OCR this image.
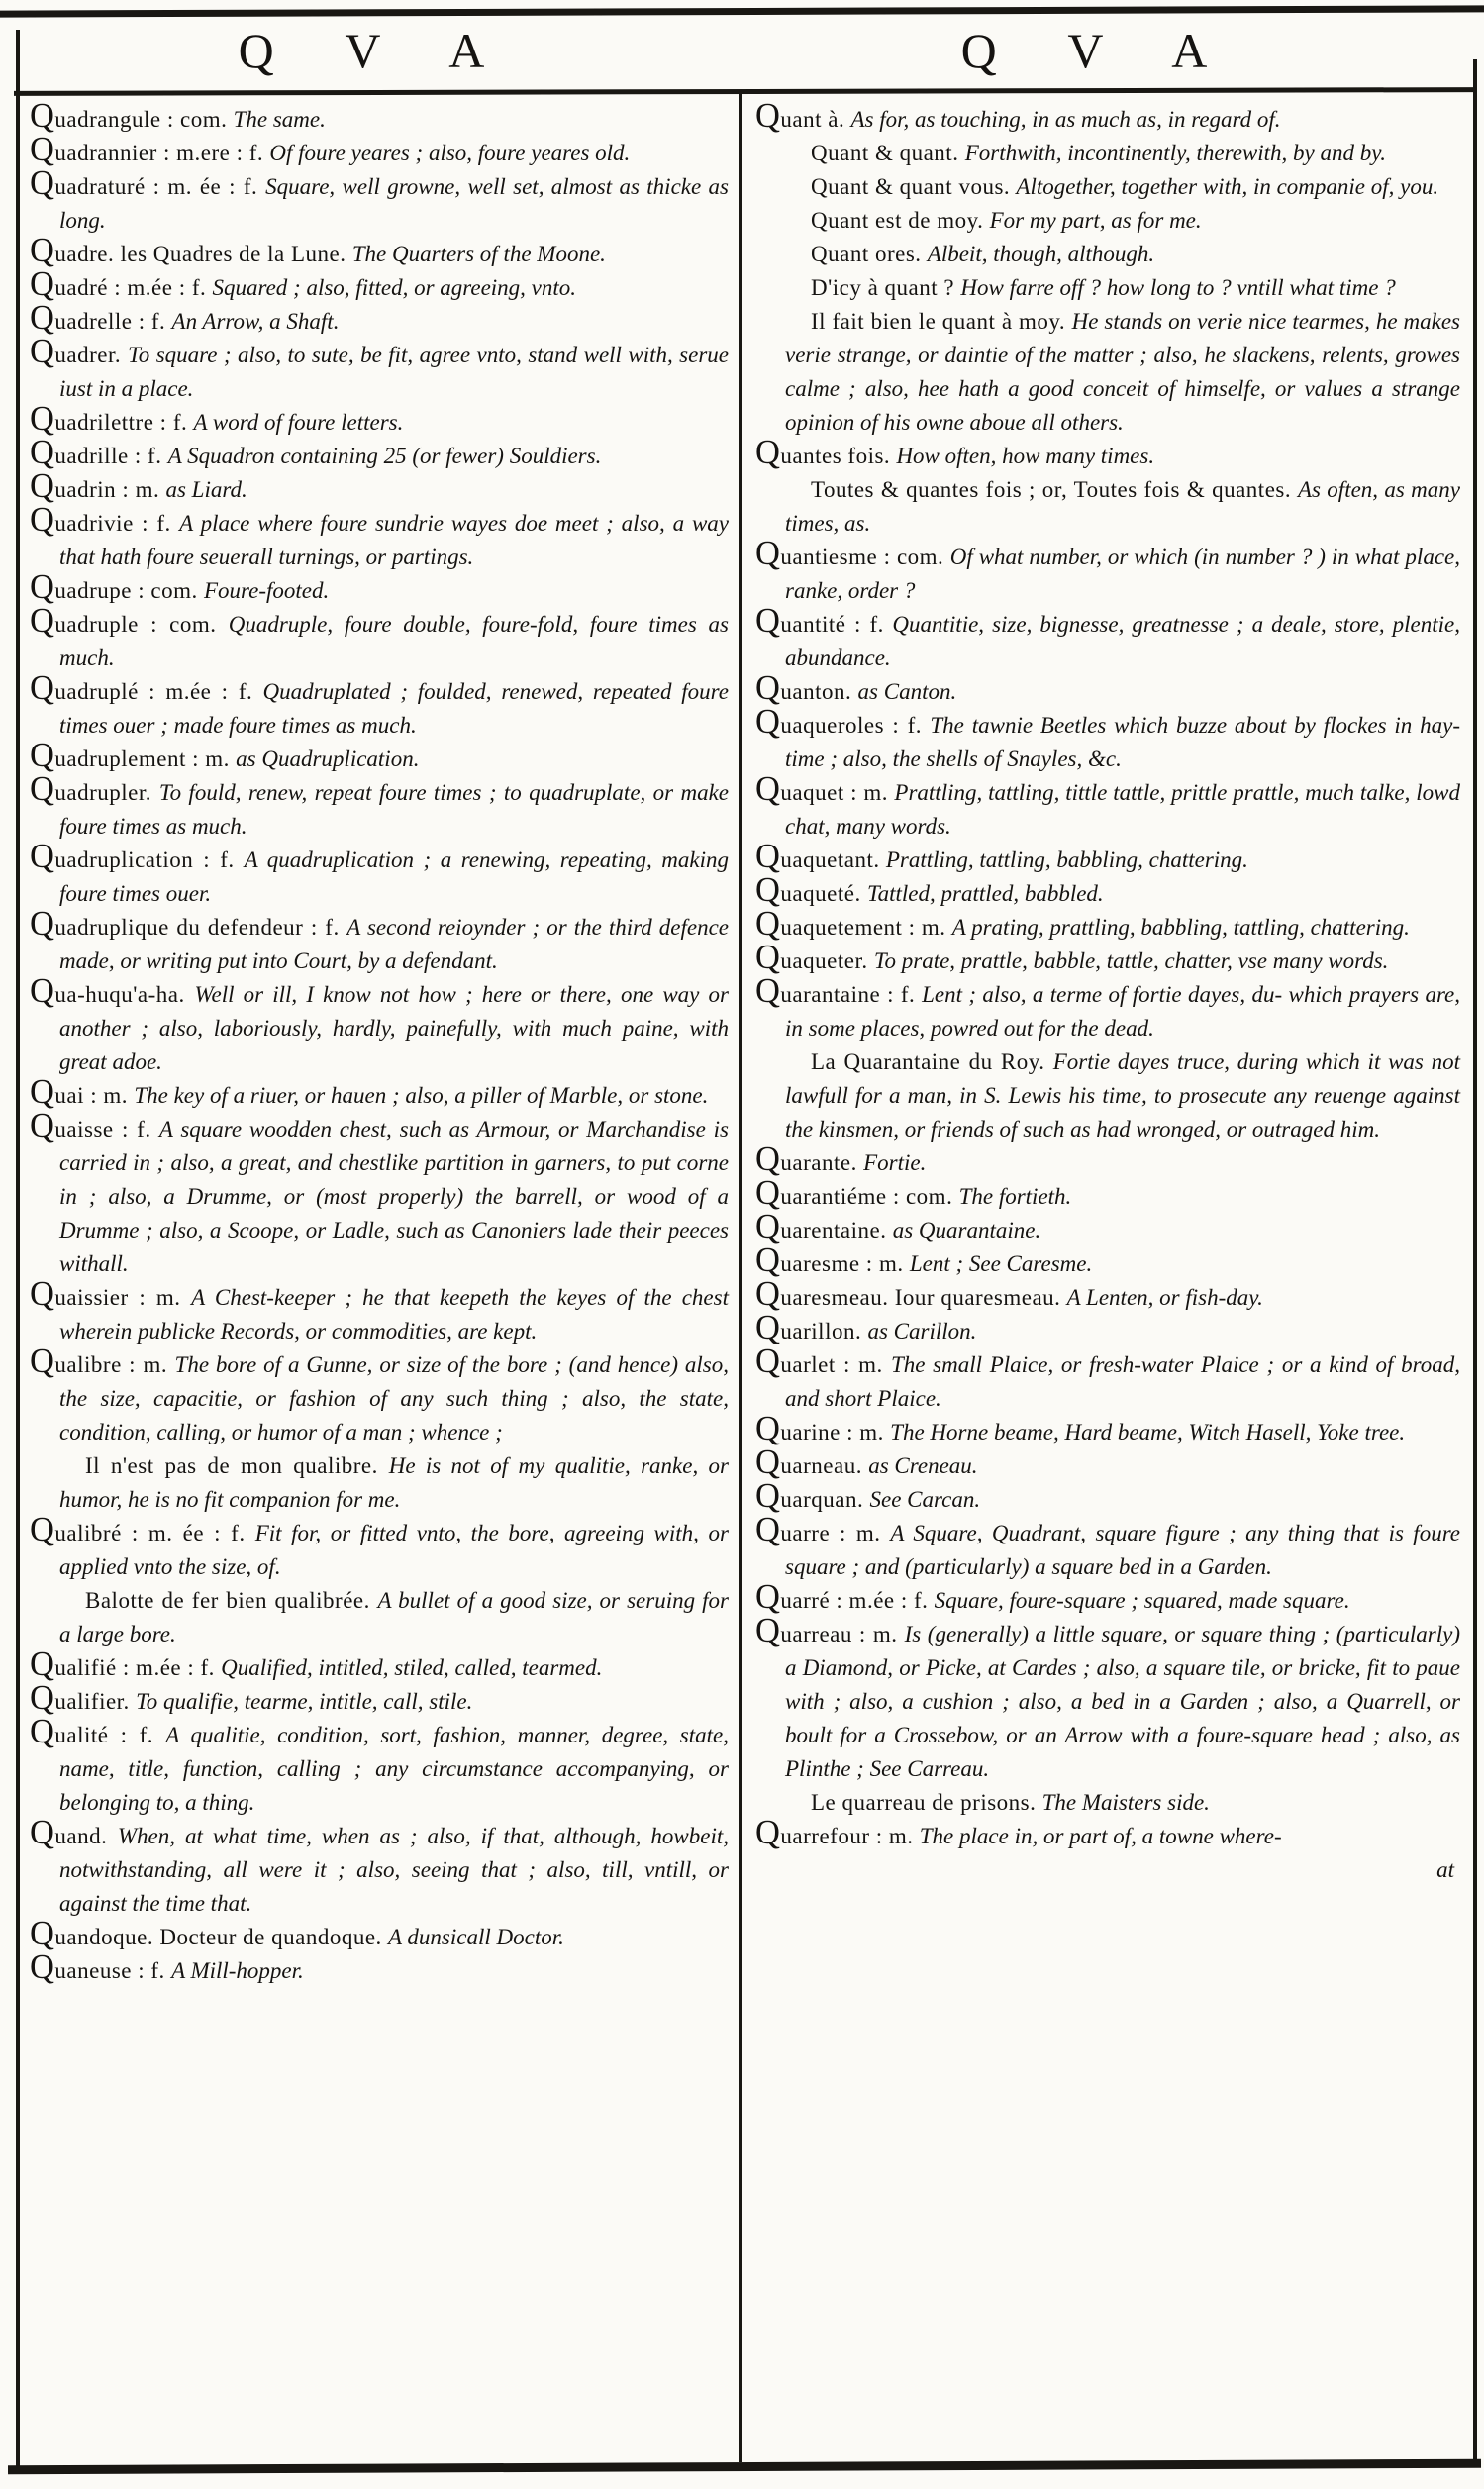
Q V A	Q V A

Quadrangule : com. The same.

Quadrannier : m.ere : f. Of foure yeares ; also, foure yeares old.

Quadraturé : m. ée : f. Square, well growne, well set, almost as thicke as long.

Quadre. les Quadres de la Lune. The Quarters of the Moone.

Quadré : m.ée : f. Squared ; also, fitted, or agreeing, vnto.

Quadrelle : f. An Arrow, a Shaft.

Quadrer. To square ; also, to sute, be fit, agree vnto, stand well with, serue iust in a place.

Quadrilettre : f. A word of foure letters.

Quadrille : f. A Squadron containing 25 (or fewer) Souldiers.

Quadrin : m. as Liard.

Quadrivie : f. A place where foure sundrie wayes doe meet ; also, a way that hath foure seuerall turnings, or partings.

Quadrupe : com. Foure-footed.

Quadruple : com. Quadruple, foure double, foure-fold, foure times as much.

Quadruplé : m.ée : f. Quadruplated ; foulded, renewed, repeated foure times ouer ; made foure times as much.

Quadruplement : m. as Quadruplication.

Quadrupler. To fould, renew, repeat foure times ; to quadruplate, or make foure times as much.

Quadruplication : f. A quadruplication ; a renewing, repeating, making foure times ouer.

Quadruplique du defendeur : f. A second reioynder ; or the third defence made, or writing put into Court, by a defendant.

Qua-huqu'a-ha. Well or ill, I know not how ; here or there, one way or another ; also, laboriously, hardly, painefully, with much paine, with great adoe.

Quai : m. The key of a riuer, or hauen ; also, a piller of Marble, or stone.

Quaisse : f. A square woodden chest, such as Armour, or Marchandise is carried in ; also, a great, and chestlike partition in garners, to put corne in ; also, a Drumme, or (most properly) the barrell, or wood of a Drumme ; also, a Scoope, or Ladle, such as Canoniers lade their peeces withall.

Quaissier : m. A Chest-keeper ; he that keepeth the keyes of the chest wherein publicke Records, or commodities, are kept.

Qualibre : m. The bore of a Gunne, or size of the bore ; (and hence) also, the size, capacitie, or fashion of any such thing ; also, the state, condition, calling, or humor of a man ; whence ;

Il n'est pas de mon qualibre. He is not of my qualitie, ranke, or humor, he is no fit companion for me.

Qualibré : m. ée : f. Fit for, or fitted vnto, the bore, agreeing with, or applied vnto the size, of.

Balotte de fer bien qualibrée. A bullet of a good size, or seruing for a large bore.

Qualifié : m.ée : f. Qualified, intitled, stiled, called, tearmed.

Qualifier. To qualifie, tearme, intitle, call, stile.

Qualité : f. A qualitie, condition, sort, fashion, manner, degree, state, name, title, function, calling ; any circumstance accompanying, or belonging to, a thing.

Quand. When, at what time, when as ; also, if that, although, howbeit, notwithstanding, all were it ; also, seeing that ; also, till, vntill, or against the time that.

Quandoque. Docteur de quandoque. A dunsicall Doctor.

Quaneuse : f. A Mill-hopper.

Quant à. As for, as touching, in as much as, in regard of.

Quant & quant. Forthwith, incontinently, therewith, by and by.

Quant & quant vous. Altogether, together with, in companie of, you.

Quant est de moy. For my part, as for me.

Quant ores. Albeit, though, although.

D'icy à quant ? How farre off ? how long to ? vntill what time ?

Il fait bien le quant à moy. He stands on verie nice tearmes, he makes verie strange, or daintie of the matter ; also, he slackens, relents, growes calme ; also, hee hath a good conceit of himselfe, or values a strange opinion of his owne aboue all others.

Quantes fois. How often, how many times.

Toutes & quantes fois ; or, Toutes fois & quantes. As often, as many times, as.

Quantiesme : com. Of what number, or which (in number ? ) in what place, ranke, order ?

Quantité : f. Quantitie, size, bignesse, greatnesse ; a deale, store, plentie, abundance.

Quanton. as Canton.

Quaqueroles : f. The tawnie Beetles which buzze about by flockes in hay-time ; also, the shells of Snayles, &c.

Quaquet : m. Prattling, tattling, tittle tattle, prittle prattle, much talke, lowd chat, many words.

Quaquetant. Prattling, tattling, babbling, chattering.

Quaqueté. Tattled, prattled, babbled.

Quaquetement : m. A prating, prattling, babbling, tattling, chattering.

Quaqueter. To prate, prattle, babble, tattle, chatter, vse many words.

Quarantaine : f. Lent ; also, a terme of fortie dayes, du- which prayers are, in some places, powred out for the dead.

La Quarantaine du Roy. Fortie dayes truce, during which it was not lawfull for a man, in S. Lewis his time, to prosecute any reuenge against the kinsmen, or friends of such as had wronged, or outraged him.

Quarante. Fortie.

Quarantiéme : com. The fortieth.

Quarentaine. as Quarantaine.

Quaresme : m. Lent ; See Caresme.

Quaresmeau. Iour quaresmeau. A Lenten, or fish-day.

Quarillon. as Carillon.

Quarlet : m. The small Plaice, or fresh-water Plaice ; or a kind of broad, and short Plaice.

Quarine : m. The Horne beame, Hard beame, Witch Hasell, Yoke tree.

Quarneau. as Creneau.

Quarquan. See Carcan.

Quarre : m. A Square, Quadrant, square figure ; any thing that is foure square ; and (particularly) a square bed in a Garden.

Quarré : m.ée : f. Square, foure-square ; squared, made square.

Quarreau : m. Is (generally) a little square, or square thing ; (particularly) a Diamond, or Picke, at Cardes ; also, a square tile, or bricke, fit to paue with ; also, a cushion ; also, a bed in a Garden ; also, a Quarrell, or boult for a Crossebow, or an Arrow with a foure-square head ; also, as Plinthe ; See Carreau.

Le quarreau de prisons. The Maisters side.

Quarrefour : m. The place in, or part of, a towne where-

at
